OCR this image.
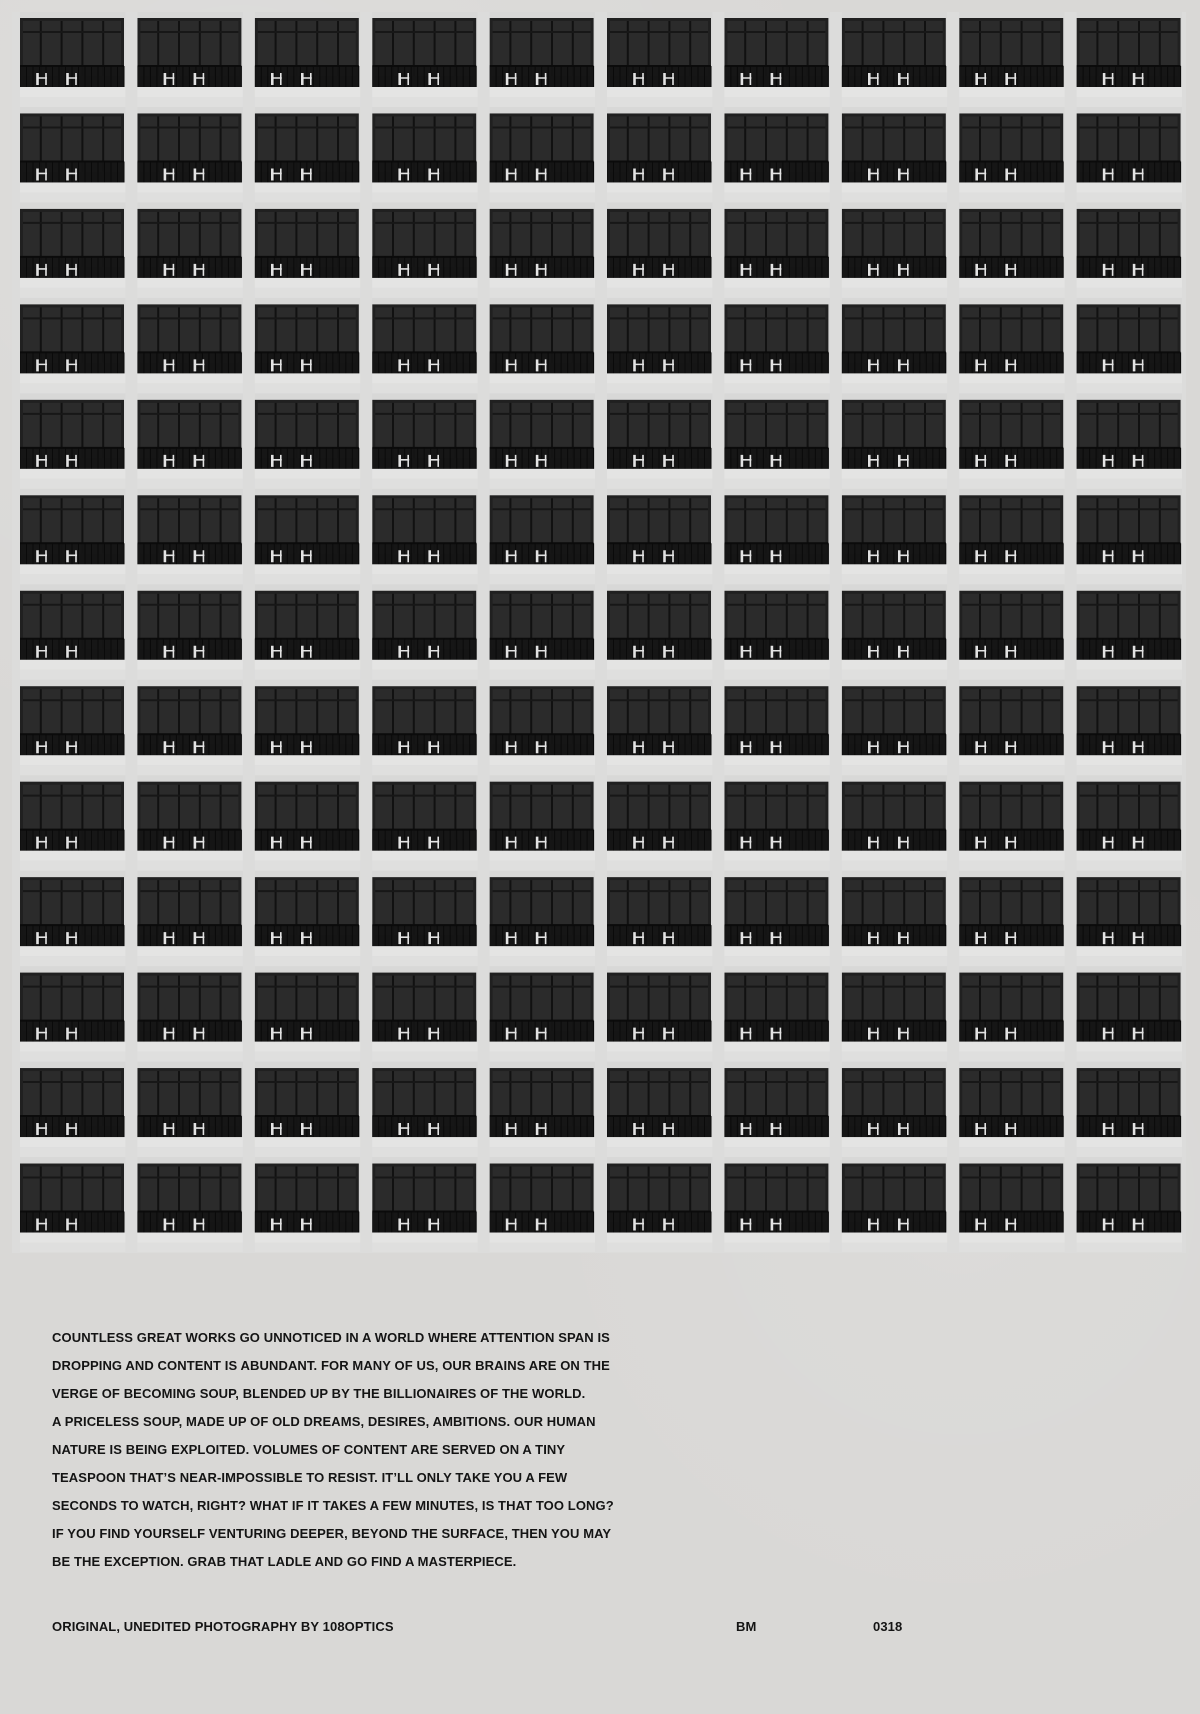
COUNTLESS GREAT WORKS GO UNNOTICED IN A WORLD WHERE ATTENTION SPAN IS
DROPPING AND CONTENT IS ABUNDANT. FOR MANY OF US, OUR BRAINS ARE ON THE
VERGE OF BECOMING SOUP, BLENDED UP BY THE BILLIONAIRES OF THE WORLD.
A PRICELESS SOUP, MADE UP OF OLD DREAMS, DESIRES, AMBITIONS. OUR HUMAN
NATURE IS BEING EXPLOITED. VOLUMES OF CONTENT ARE SERVED ON A TINY
TEASPOON THAT’S NEAR-IMPOSSIBLE TO RESIST. IT’LL ONLY TAKE YOU A FEW
SECONDS TO WATCH, RIGHT? WHAT IF IT TAKES A FEW MINUTES, IS THAT TOO LONG?
IF YOU FIND YOURSELF VENTURING DEEPER, BEYOND THE SURFACE, THEN YOU MAY
BE THE EXCEPTION. GRAB THAT LADLE AND GO FIND A MASTERPIECE.
ORIGINAL, UNEDITED PHOTOGRAPHY BY 108OPTICS	BM	0318
